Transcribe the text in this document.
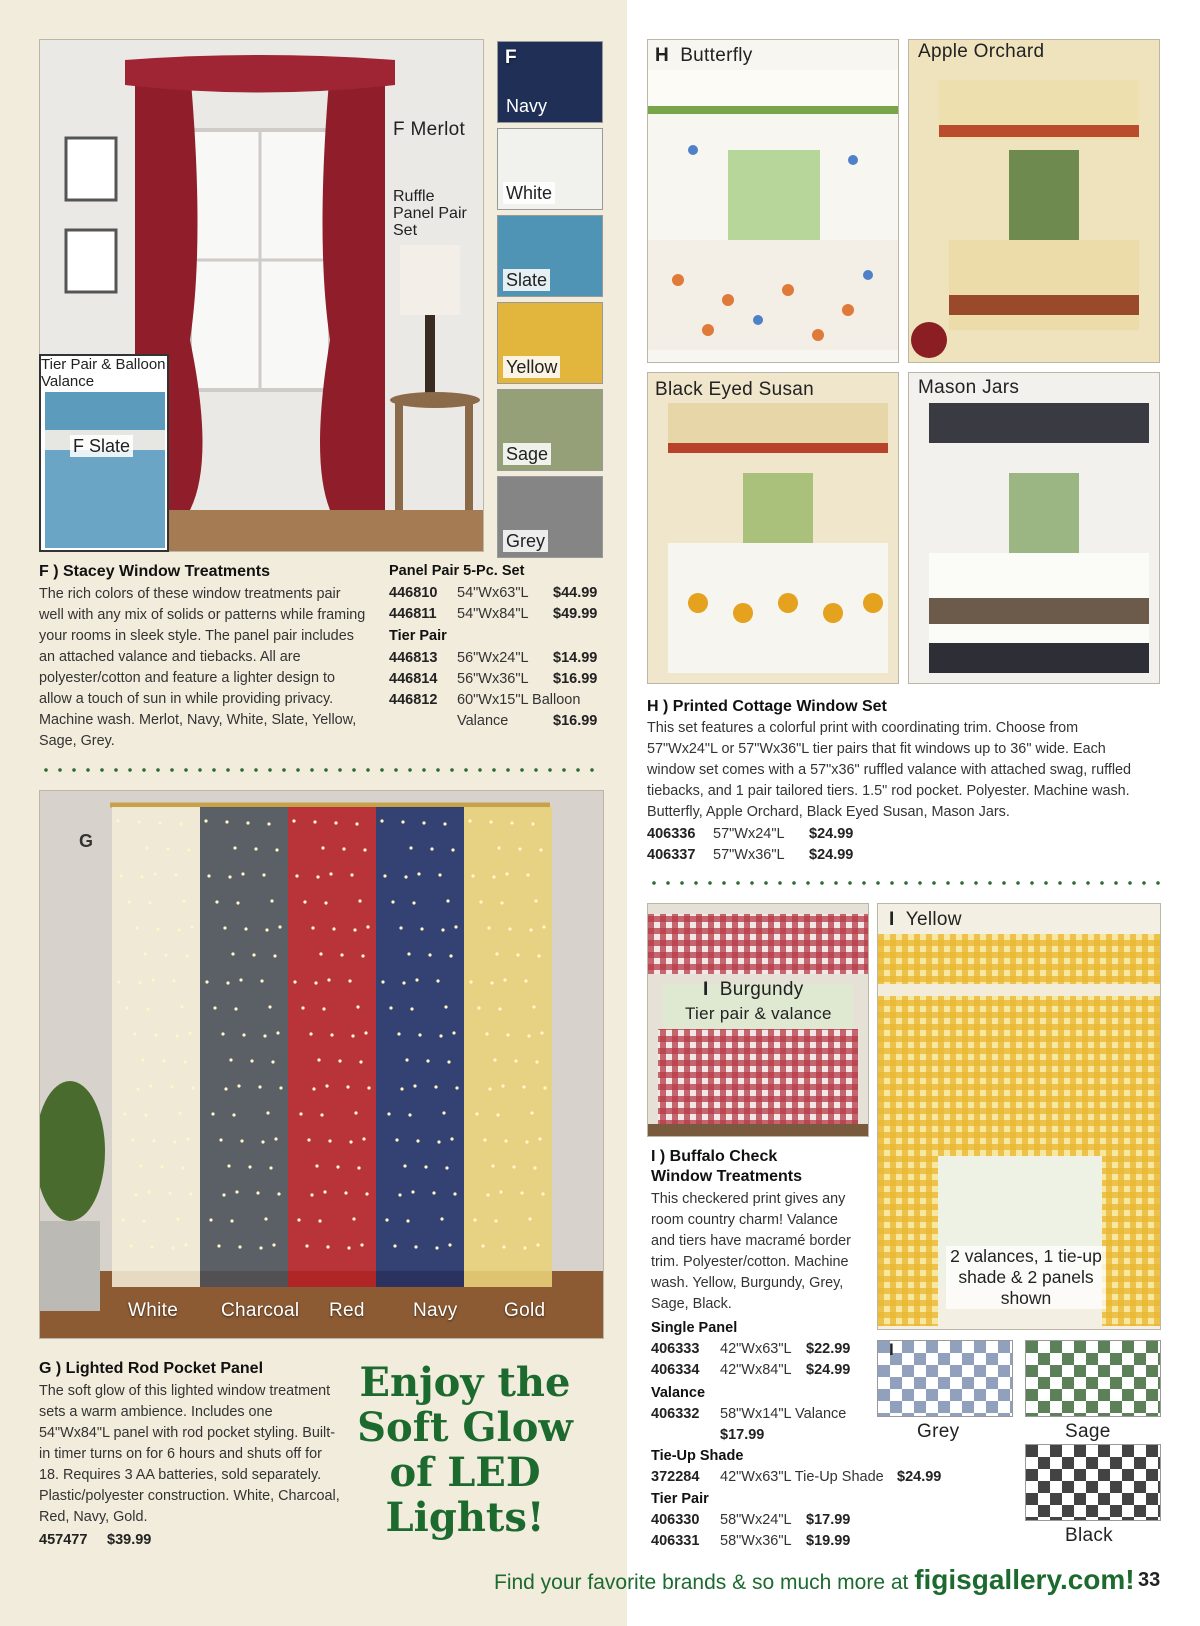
F Merlot
Ruffle Panel Pair Set
Tier Pair & Balloon Valance
F Slate
Navy
F
White
Slate
Yellow
Sage
Grey
F ) Stacey Window Treatments
The rich colors of these window treatments pair well with any mix of solids or patterns while framing your rooms in sleek style. The panel pair includes an attached valance and tiebacks. All are polyester/cotton and feature a lighter design to allow a touch of sun in while providing privacy. Machine wash. Merlot, Navy, White, Slate, Yellow, Sage, Grey.
Panel Pair 5-Pc. Set
446810 54"Wx63"L $44.99
446811 54"Wx84"L $49.99
Tier Pair
446813 56"Wx24"L $14.99
446814 56"Wx36"L $16.99
446812 60"Wx15"L Balloon
Valance	$16.99
G
White Charcoal Red	Navy Gold
G ) Lighted Rod Pocket Panel
The soft glow of this lighted window treatment sets a warm ambience. Includes one 54"Wx84"L panel with rod pocket styling. Built-in timer turns on for 6 hours and shuts off for 18. Requires 3 AA batteries, sold separately. Plastic/polyester construction. White, Charcoal, Red, Navy, Gold.
457477 $39.99
Enjoy the
Soft Glow
of LED
Lights!
H Butterfly	Apple Orchard
Black Eyed Susan	Mason Jars
H ) Printed Cottage Window Set
This set features a colorful print with coordinating trim. Choose from 57"Wx24"L or 57"Wx36"L tier pairs that fit windows up to 36" wide. Each window set comes with a 57"x36" ruffled valance with attached swag, ruffled tiebacks, and 1 pair tailored tiers. 1.5" rod pocket. Polyester. Machine wash. Butterfly, Apple Orchard, Black Eyed Susan, Mason Jars.
406336 57"Wx24"L $24.99
406337 57"Wx36"L $24.99
I Burgundy
Tier pair & valance
I Yellow
2 valances, 1 tie-up shade & 2 panels shown
Grey	Sage
Black
I
I ) Buffalo Check
Window Treatments
This checkered print gives any room country charm! Valance and tiers have macramé border trim. Polyester/cotton. Machine wash. Yellow, Burgundy, Grey, Sage, Black.
Single Panel
406333 42"Wx63"L $22.99
406334 42"Wx84"L $24.99
Valance
406332 58"Wx14"L Valance
$17.99
Tie-Up Shade
372284 42"Wx63"L Tie-Up Shade $24.99
Tier Pair
406330 58"Wx24"L $17.99
406331 58"Wx36"L $19.99
Find your favorite brands & so much more at figisgallery.com! 33
